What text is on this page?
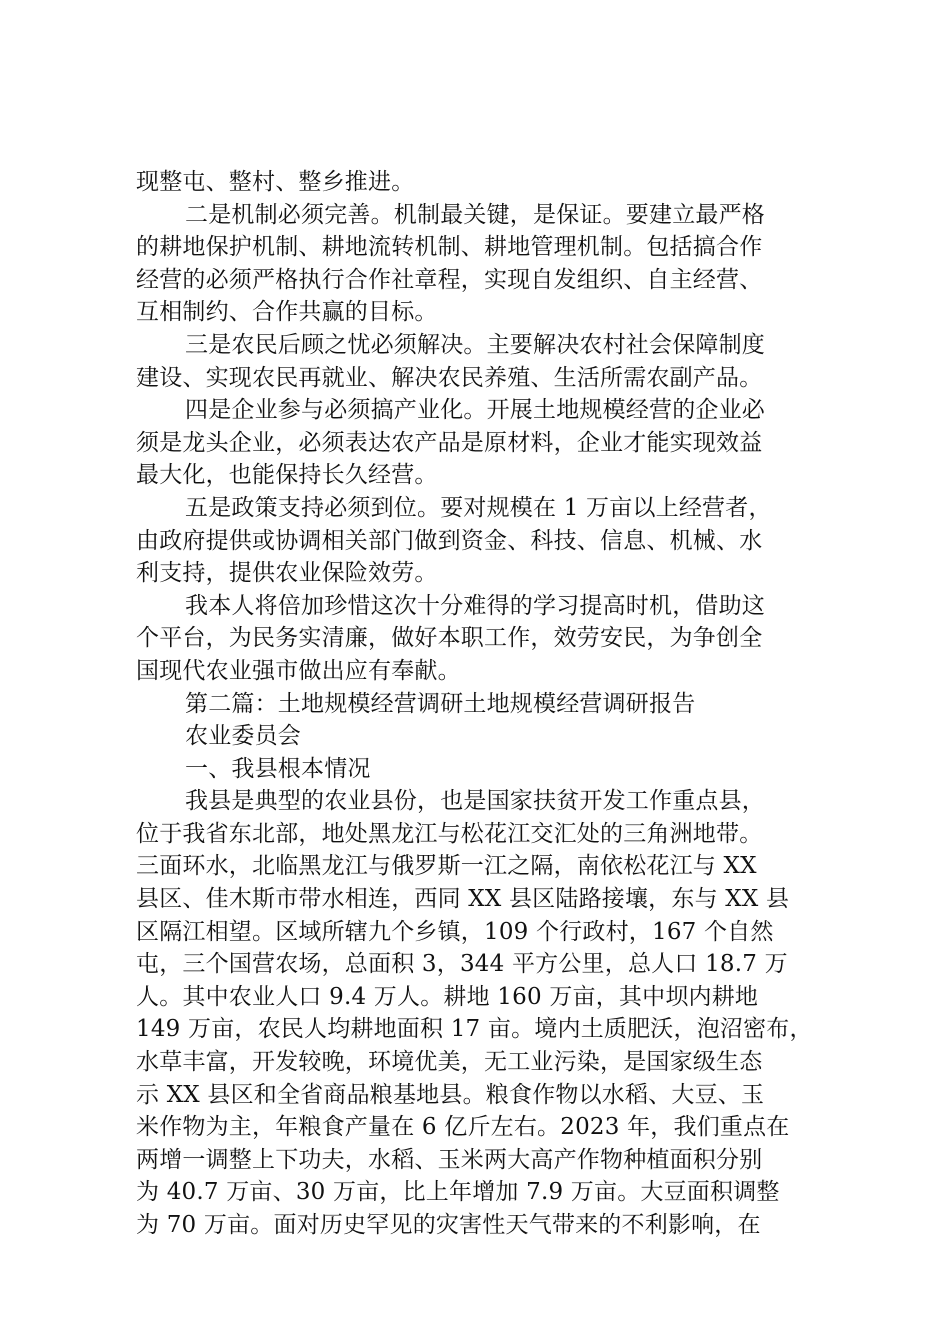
现整屯、整村、整乡推进。
二是机制必须完善。机制最关键，是保证。要建立最严格
的耕地保护机制、耕地流转机制、耕地管理机制。包括搞合作
经营的必须严格执行合作社章程，实现自发组织、自主经营、
互相制约、合作共赢的目标。
三是农民后顾之忧必须解决。主要解决农村社会保障制度
建设、实现农民再就业、解决农民养殖、生活所需农副产品。
四是企业参与必须搞产业化。开展土地规模经营的企业必
须是龙头企业，必须表达农产品是原材料，企业才能实现效益
最大化，也能保持长久经营。
五是政策支持必须到位。要对规模在 1 万亩以上经营者，
由政府提供或协调相关部门做到资金、科技、信息、机械、水
利支持，提供农业保险效劳。
我本人将倍加珍惜这次十分难得的学习提高时机，借助这
个平台，为民务实清廉，做好本职工作，效劳安民，为争创全
国现代农业强市做出应有奉献。
第二篇：土地规模经营调研土地规模经营调研报告
农业委员会
一、我县根本情况
我县是典型的农业县份，也是国家扶贫开发工作重点县，
位于我省东北部，地处黑龙江与松花江交汇处的三角洲地带。
三面环水，北临黑龙江与俄罗斯一江之隔，南依松花江与 XX
县区、佳木斯市带水相连，西同 XX 县区陆路接壤，东与 XX 县
区隔江相望。区域所辖九个乡镇，109 个行政村，167 个自然
屯，三个国营农场，总面积 3，344 平方公里，总人口 18.7 万
人。其中农业人口 9.4 万人。耕地 160 万亩，其中坝内耕地
149 万亩，农民人均耕地面积 17 亩。境内土质肥沃，泡沼密布，
水草丰富，开发较晚，环境优美，无工业污染，是国家级生态
示 XX 县区和全省商品粮基地县。粮食作物以水稻、大豆、玉
米作物为主，年粮食产量在 6 亿斤左右。2023 年，我们重点在
两增一调整上下功夫，水稻、玉米两大高产作物种植面积分别
为 40.7 万亩、30 万亩，比上年增加 7.9 万亩。大豆面积调整
为 70 万亩。面对历史罕见的灾害性天气带来的不利影响，在
